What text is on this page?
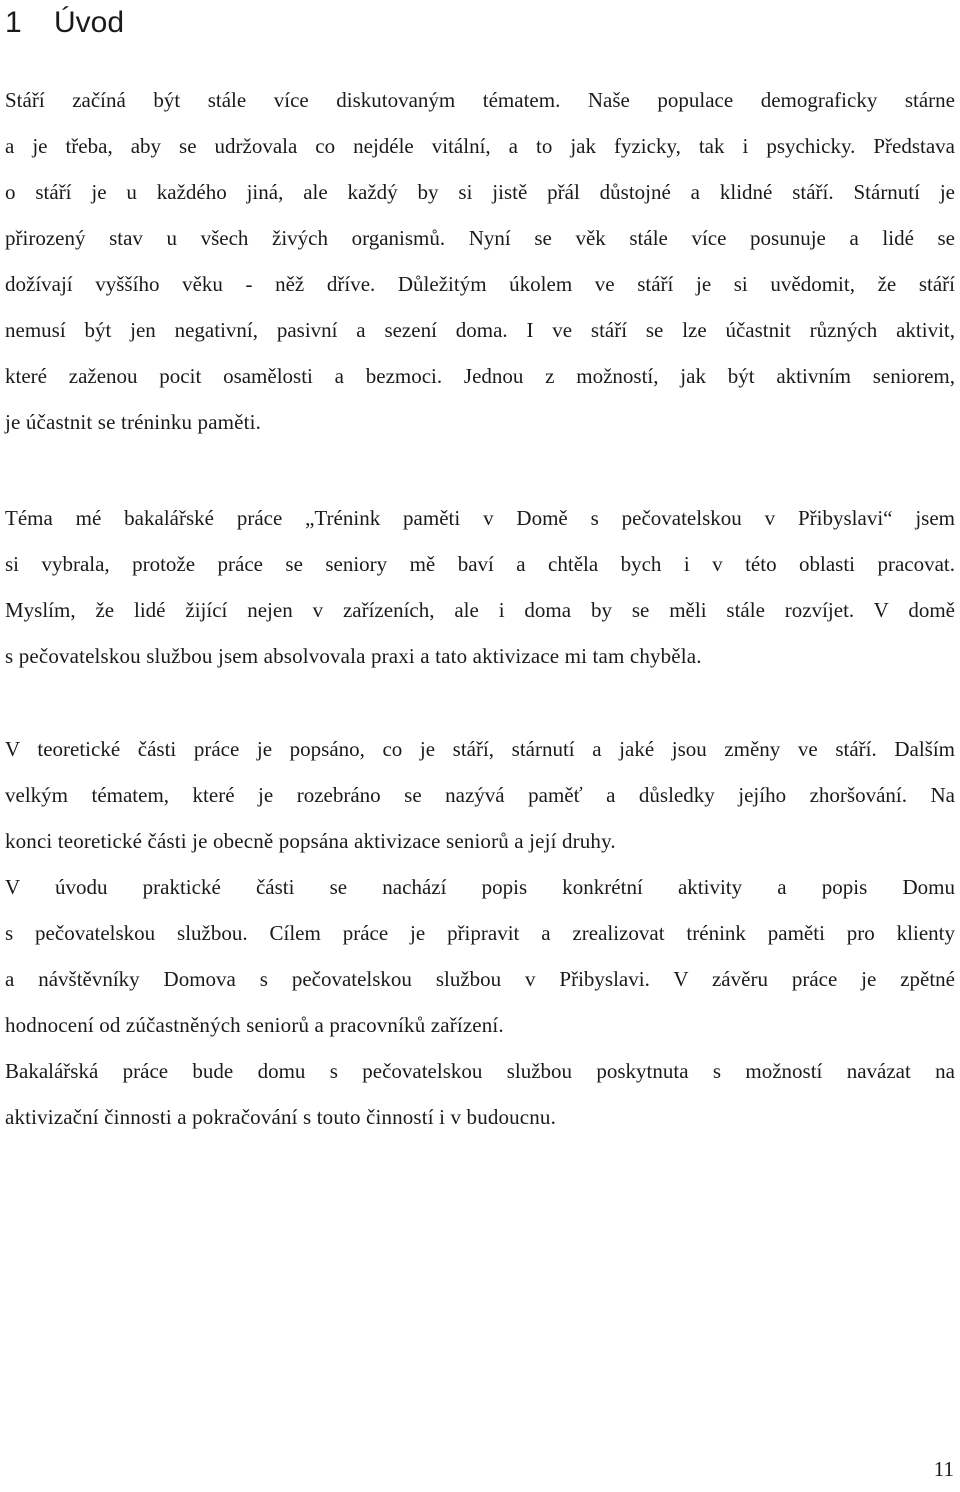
1 Úvod

Stáří začíná být stále více diskutovaným tématem. Naše populace demograficky stárne

a je třeba, aby se udržovala co nejdéle vitální, a to jak fyzicky, tak i psychicky. Představa

o stáří je u každého jiná, ale každý by si jistě přál důstojné a klidné stáří. Stárnutí je

přirozený stav u všech živých organismů. Nyní se věk stále více posunuje a lidé se

dožívají vyššího věku - něž dříve. Důležitým úkolem ve stáří je si uvědomit, že stáří

nemusí být jen negativní, pasivní a sezení doma. I ve stáří se lze účastnit různých aktivit,

které zaženou pocit osamělosti a bezmoci. Jednou z možností, jak být aktivním seniorem,

je účastnit se tréninku paměti.

Téma mé bakalářské práce „Trénink paměti v Domě s pečovatelskou v Přibyslavi“ jsem

si vybrala, protože práce se seniory mě baví a chtěla bych i v této oblasti pracovat.

Myslím, že lidé žijící nejen v zařízeních, ale i doma by se měli stále rozvíjet. V domě

s pečovatelskou službou jsem absolvovala praxi a tato aktivizace mi tam chyběla.

V teoretické části práce je popsáno, co je stáří, stárnutí a jaké jsou změny ve stáří. Dalším

velkým tématem, které je rozebráno se nazývá paměť a důsledky jejího zhoršování. Na

konci teoretické části je obecně popsána aktivizace seniorů a její druhy.

V úvodu praktické části se nachází popis konkrétní aktivity a popis Domu

s pečovatelskou službou. Cílem práce je připravit a zrealizovat trénink paměti pro klienty

a návštěvníky Domova s pečovatelskou službou v Přibyslavi. V závěru práce je zpětné

hodnocení od zúčastněných seniorů a pracovníků zařízení.

Bakalářská práce bude domu s pečovatelskou službou poskytnuta s možností navázat na

aktivizační činnosti a pokračování s touto činností i v budoucnu.

11
